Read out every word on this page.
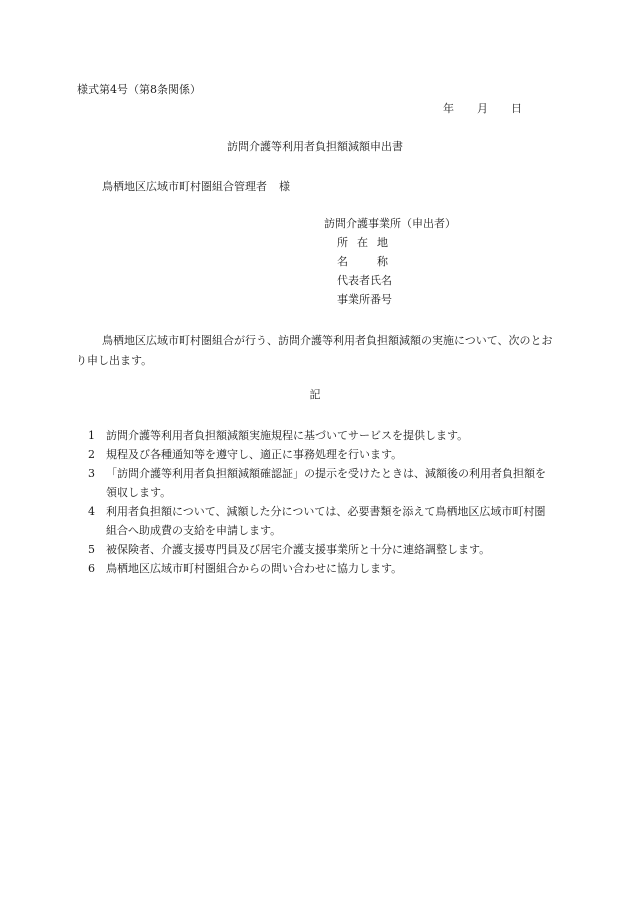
様式第4号（第8条関係）
年 月 日
訪問介護等利用者負担額減額申出書
鳥栖地区広域市町村圏組合管理者 様
訪問介護事業所（申出者）
所在地
名	称
代表者氏名
事業所番号
鳥栖地区広域市町村圏組合が行う、訪問介護等利用者負担額減額の実施について、次のとおり申し出ます。
記
1 訪問介護等利用者負担額減額実施規程に基づいてサービスを提供します。
2 規程及び各種通知等を遵守し、適正に事務処理を行います。
3 「訪問介護等利用者負担額減額確認証」の提示を受けたときは、減額後の利用者負担額を領収します。
4 利用者負担額について、減額した分については、必要書類を添えて鳥栖地区広域市町村圏組合へ助成費の支給を申請します。
5 被保険者、介護支援専門員及び居宅介護支援事業所と十分に連絡調整します。
6 鳥栖地区広域市町村圏組合からの問い合わせに協力します。
